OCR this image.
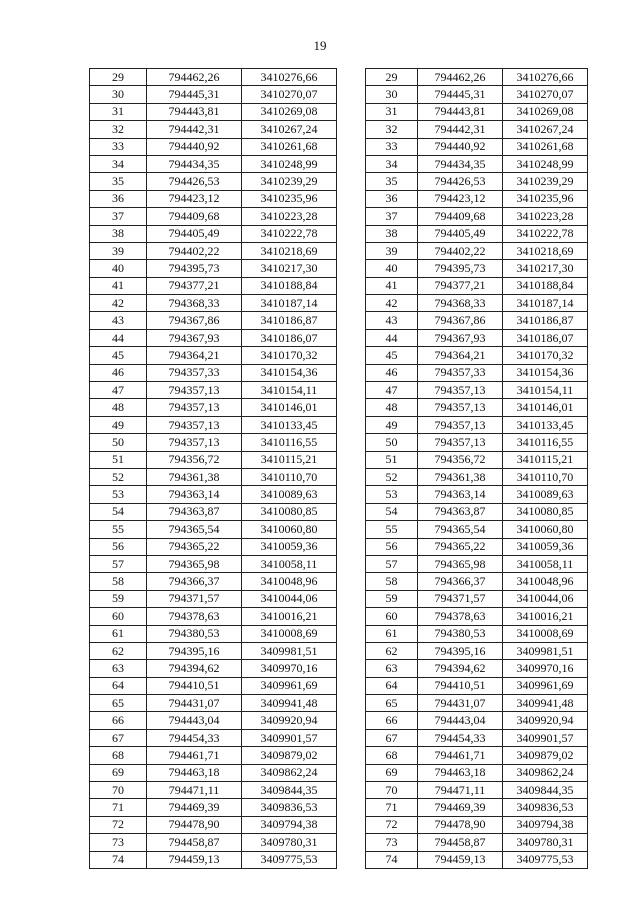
19
29	794462,26	3410276,66
30	794445,31	3410270,07
31	794443,81	3410269,08
32	794442,31	3410267,24
33	794440,92	3410261,68
34	794434,35	3410248,99
35	794426,53	3410239,29
36	794423,12	3410235,96
37	794409,68	3410223,28
38	794405,49	3410222,78
39	794402,22	3410218,69
40	794395,73	3410217,30
41	794377,21	3410188,84
42	794368,33	3410187,14
43	794367,86	3410186,87
44	794367,93	3410186,07
45	794364,21	3410170,32
46	794357,33	3410154,36
47	794357,13	3410154,11
48	794357,13	3410146,01
49	794357,13	3410133,45
50	794357,13	3410116,55
51	794356,72	3410115,21
52	794361,38	3410110,70
53	794363,14	3410089,63
54	794363,87	3410080,85
55	794365,54	3410060,80
56	794365,22	3410059,36
57	794365,98	3410058,11
58	794366,37	3410048,96
59	794371,57	3410044,06
60	794378,63	3410016,21
61	794380,53	3410008,69
62	794395,16	3409981,51
63	794394,62	3409970,16
64	794410,51	3409961,69
65	794431,07	3409941,48
66	794443,04	3409920,94
67	794454,33	3409901,57
68	794461,71	3409879,02
69	794463,18	3409862,24
70	794471,11	3409844,35
71	794469,39	3409836,53
72	794478,90	3409794,38
73	794458,87	3409780,31
74	794459,13	3409775,53
29	794462,26	3410276,66
30	794445,31	3410270,07
31	794443,81	3410269,08
32	794442,31	3410267,24
33	794440,92	3410261,68
34	794434,35	3410248,99
35	794426,53	3410239,29
36	794423,12	3410235,96
37	794409,68	3410223,28
38	794405,49	3410222,78
39	794402,22	3410218,69
40	794395,73	3410217,30
41	794377,21	3410188,84
42	794368,33	3410187,14
43	794367,86	3410186,87
44	794367,93	3410186,07
45	794364,21	3410170,32
46	794357,33	3410154,36
47	794357,13	3410154,11
48	794357,13	3410146,01
49	794357,13	3410133,45
50	794357,13	3410116,55
51	794356,72	3410115,21
52	794361,38	3410110,70
53	794363,14	3410089,63
54	794363,87	3410080,85
55	794365,54	3410060,80
56	794365,22	3410059,36
57	794365,98	3410058,11
58	794366,37	3410048,96
59	794371,57	3410044,06
60	794378,63	3410016,21
61	794380,53	3410008,69
62	794395,16	3409981,51
63	794394,62	3409970,16
64	794410,51	3409961,69
65	794431,07	3409941,48
66	794443,04	3409920,94
67	794454,33	3409901,57
68	794461,71	3409879,02
69	794463,18	3409862,24
70	794471,11	3409844,35
71	794469,39	3409836,53
72	794478,90	3409794,38
73	794458,87	3409780,31
74	794459,13	3409775,53
